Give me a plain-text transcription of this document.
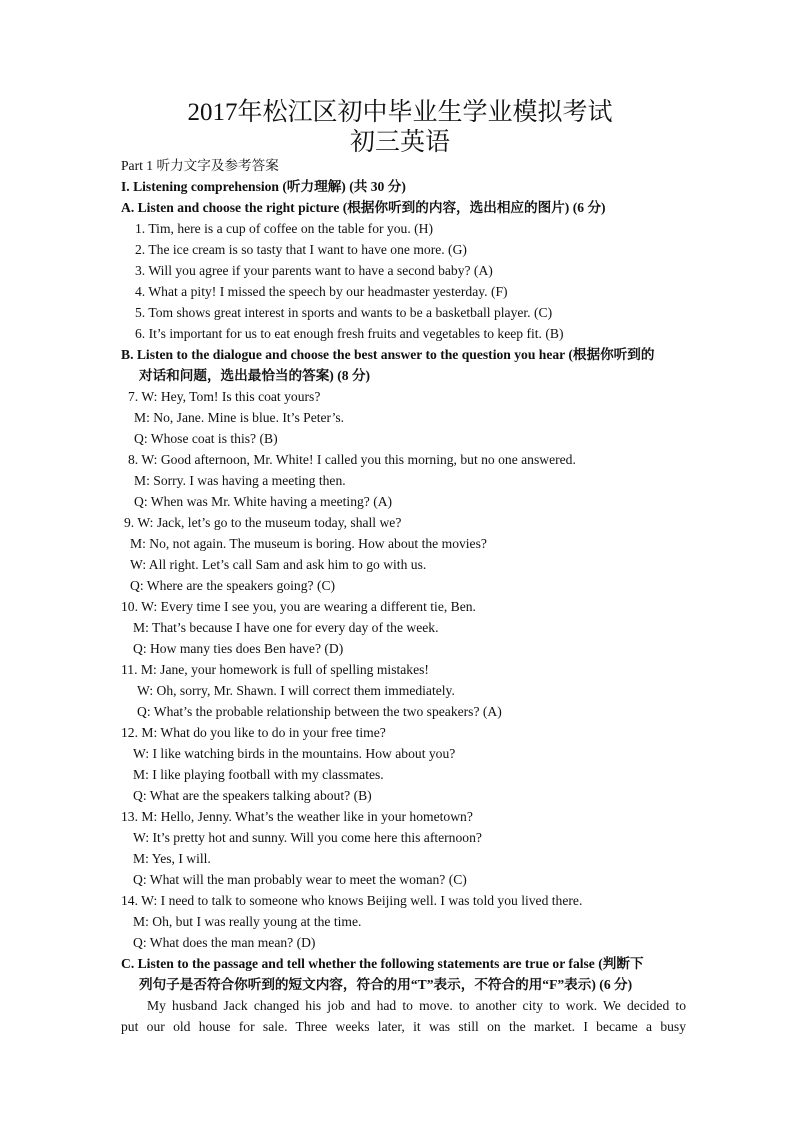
2017年松江区初中毕业生学业模拟考试
初三英语
Part 1 听力文字及参考答案
I. Listening comprehension (听力理解) (共 30 分)
A. Listen and choose the right picture (根据你听到的内容，选出相应的图片) (6 分)
1. Tim, here is a cup of coffee on the table for you. (H)
2. The ice cream is so tasty that I want to have one more. (G)
3. Will you agree if your parents want to have a second baby? (A)
4. What a pity! I missed the speech by our headmaster yesterday. (F)
5. Tom shows great interest in sports and wants to be a basketball player. (C)
6. It’s important for us to eat enough fresh fruits and vegetables to keep fit. (B)
B. Listen to the dialogue and choose the best answer to the question you hear (根据你听到的
对话和问题，选出最恰当的答案) (8 分)
7. W: Hey, Tom! Is this coat yours?
M: No, Jane. Mine is blue. It’s Peter’s.
Q: Whose coat is this? (B)
8. W: Good afternoon, Mr. White! I called you this morning, but no one answered.
M: Sorry. I was having a meeting then.
Q: When was Mr. White having a meeting? (A)
9. W: Jack, let’s go to the museum today, shall we?
M: No, not again. The museum is boring. How about the movies?
W: All right. Let’s call Sam and ask him to go with us.
Q: Where are the speakers going? (C)
10. W: Every time I see you, you are wearing a different tie, Ben.
M: That’s because I have one for every day of the week.
Q: How many ties does Ben have? (D)
11. M: Jane, your homework is full of spelling mistakes!
W: Oh, sorry, Mr. Shawn. I will correct them immediately.
Q: What’s the probable relationship between the two speakers? (A)
12. M: What do you like to do in your free time?
W: I like watching birds in the mountains. How about you?
M: I like playing football with my classmates.
Q: What are the speakers talking about? (B)
13. M: Hello, Jenny. What’s the weather like in your hometown?
W: It’s pretty hot and sunny. Will you come here this afternoon?
M: Yes, I will.
Q: What will the man probably wear to meet the woman? (C)
14. W: I need to talk to someone who knows Beijing well. I was told you lived there.
M: Oh, but I was really young at the time.
Q: What does the man mean? (D)
C. Listen to the passage and tell whether the following statements are true or false (判断下
列句子是否符合你听到的短文内容，符合的用“T”表示，不符合的用“F”表示) (6 分)
My husband Jack changed his job and had to move. to another city to work. We decided to
put our old house for sale. Three weeks later, it was still on the market. I became a busy
